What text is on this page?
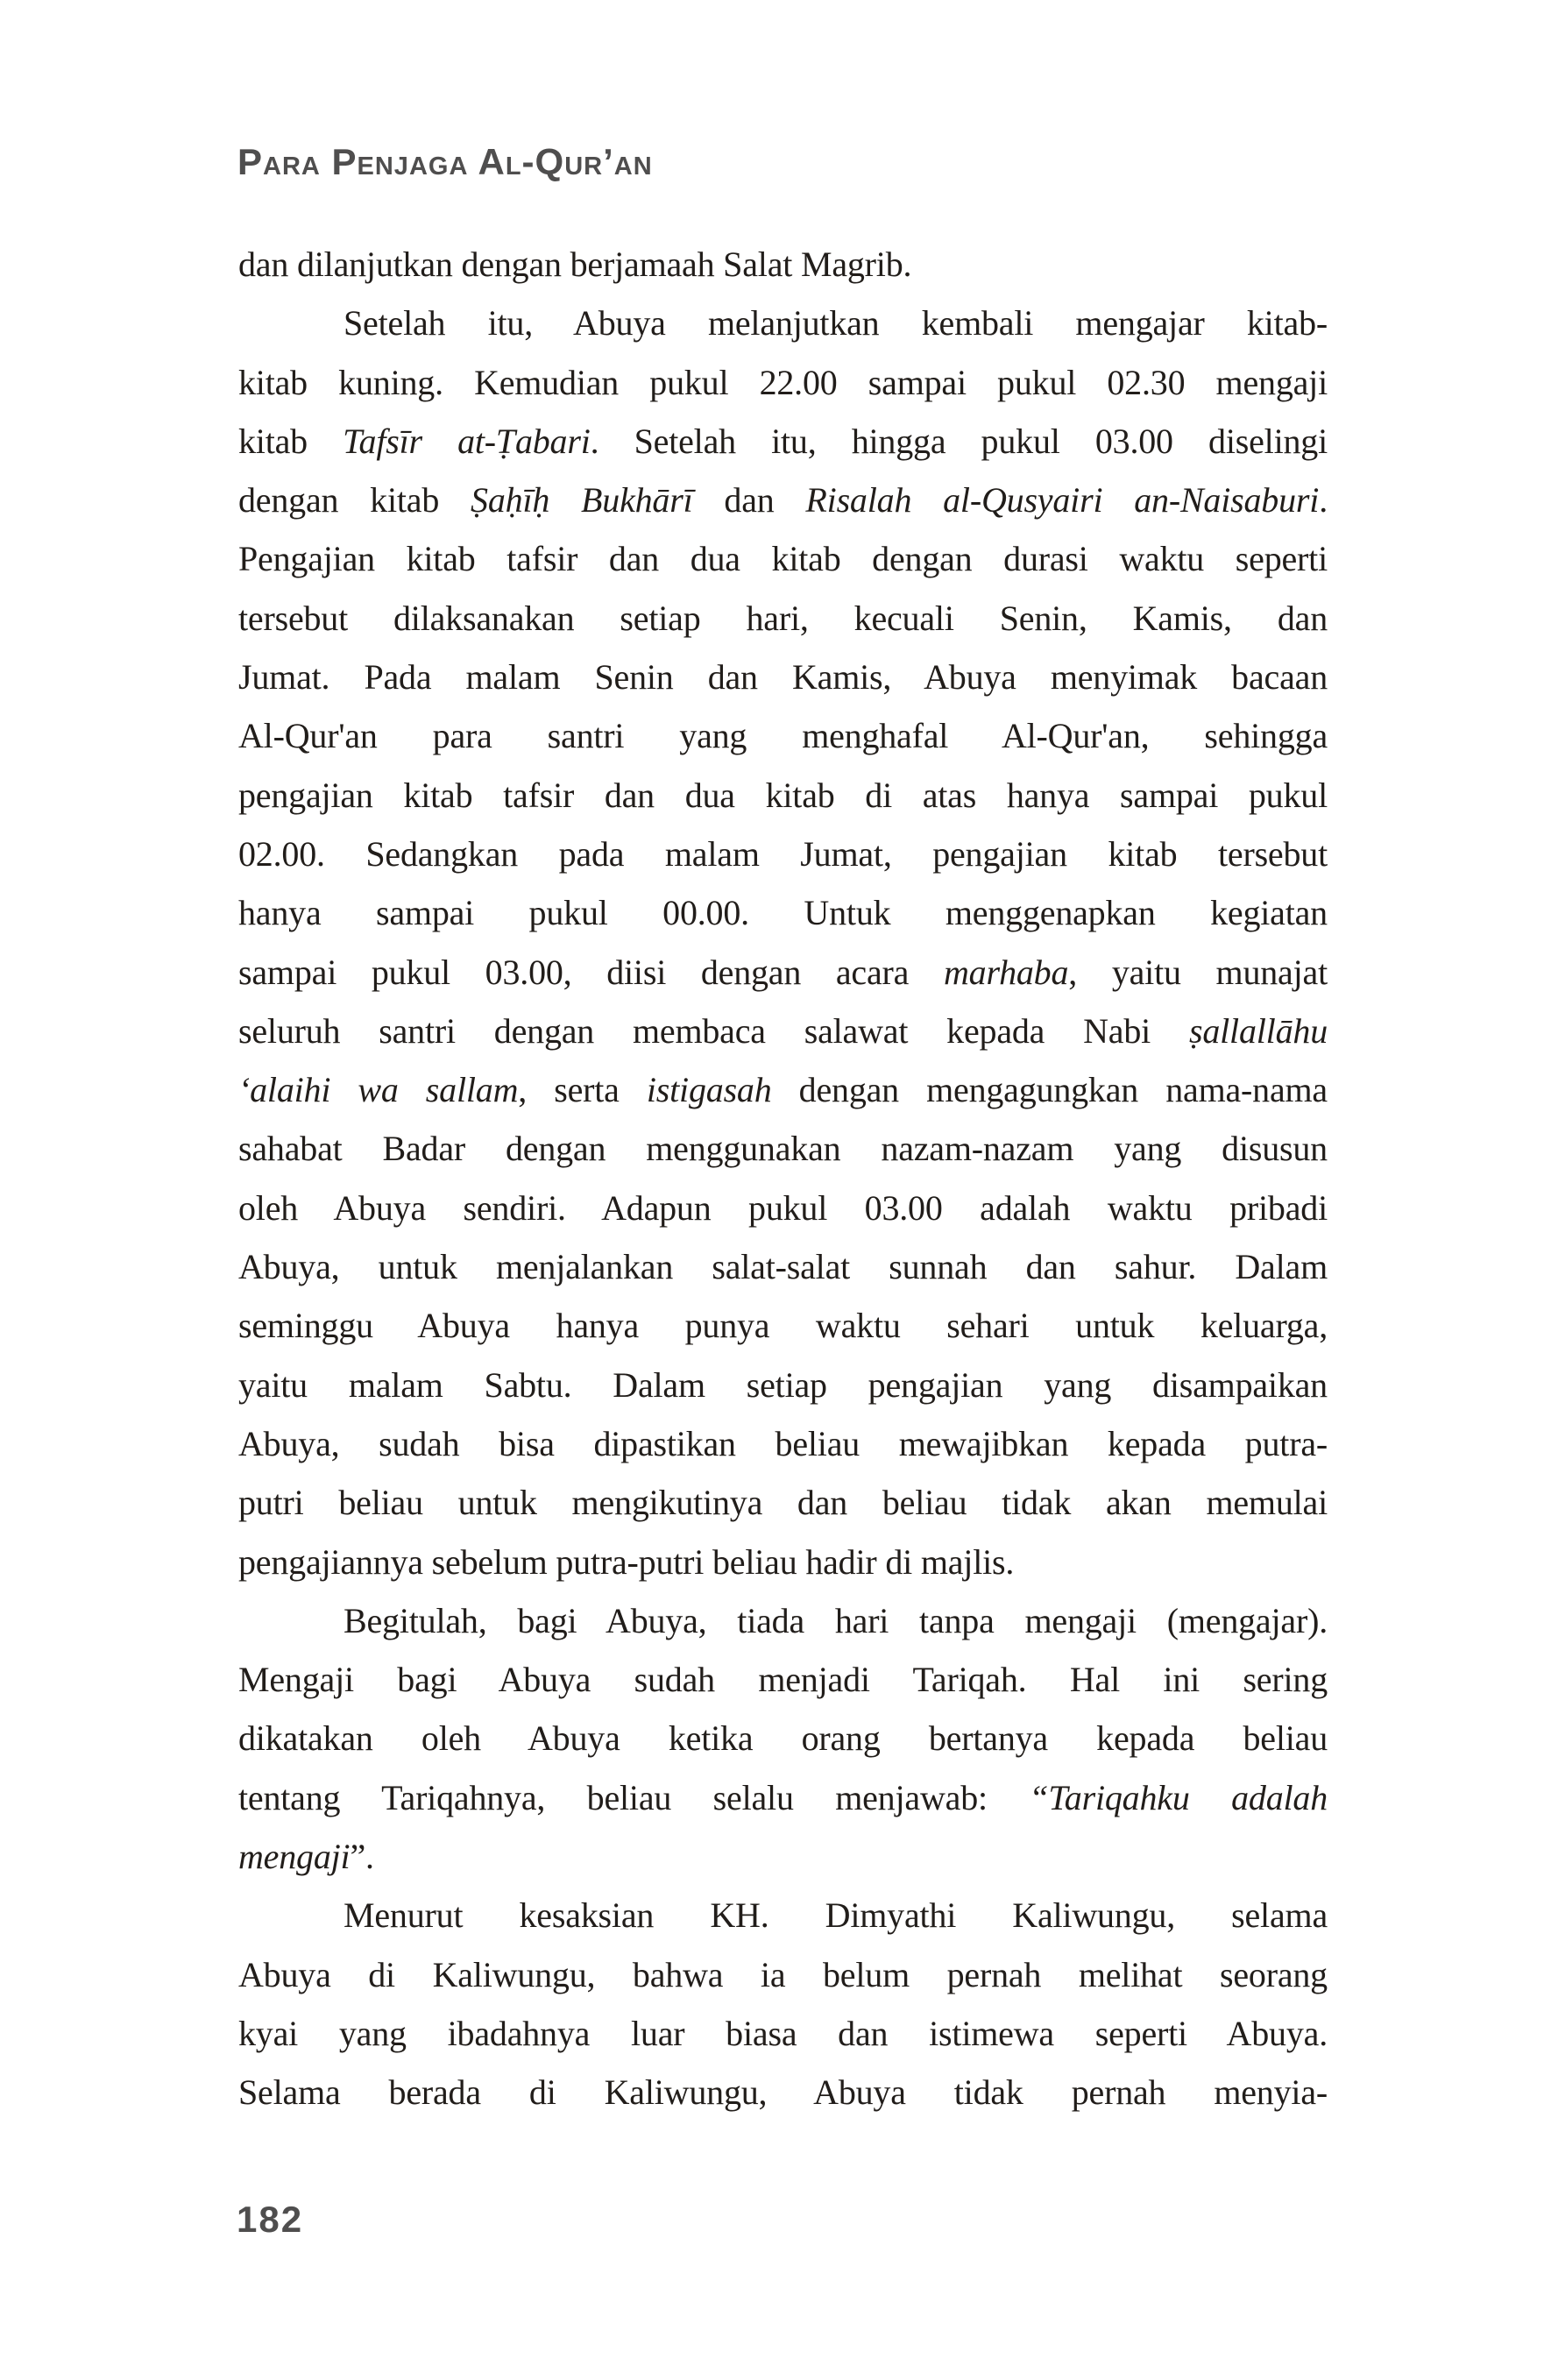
Para Penjaga Al-Qur’an
dan dilanjutkan dengan berjamaah Salat Magrib.
Setelah itu, Abuya melanjutkan kembali mengajar kitab-
kitab kuning. Kemudian pukul 22.00 sampai pukul 02.30 mengaji
kitab Tafsīr at-Ṭabari. Setelah itu, hingga pukul 03.00 diselingi
dengan kitab Ṣaḥīḥ Bukhārī dan Risalah al-Qusyairi an-Naisaburi.
Pengajian kitab tafsir dan dua kitab dengan durasi waktu seperti
tersebut dilaksanakan setiap hari, kecuali Senin, Kamis, dan
Jumat. Pada malam Senin dan Kamis, Abuya menyimak bacaan
Al-Qur'an para santri yang menghafal Al-Qur'an, sehingga
pengajian kitab tafsir dan dua kitab di atas hanya sampai pukul
02.00. Sedangkan pada malam Jumat, pengajian kitab tersebut
hanya sampai pukul 00.00. Untuk menggenapkan kegiatan
sampai pukul 03.00, diisi dengan acara marhaba, yaitu munajat
seluruh santri dengan membaca salawat kepada Nabi ṣallallāhu
‘alaihi wa sallam, serta istigasah dengan mengagungkan nama-nama
sahabat Badar dengan menggunakan nazam-nazam yang disusun
oleh Abuya sendiri. Adapun pukul 03.00 adalah waktu pribadi
Abuya, untuk menjalankan salat-salat sunnah dan sahur. Dalam
seminggu Abuya hanya punya waktu sehari untuk keluarga,
yaitu malam Sabtu. Dalam setiap pengajian yang disampaikan
Abuya, sudah bisa dipastikan beliau mewajibkan kepada putra-
putri beliau untuk mengikutinya dan beliau tidak akan memulai
pengajiannya sebelum putra-putri beliau hadir di majlis.
Begitulah, bagi Abuya, tiada hari tanpa mengaji (mengajar).
Mengaji bagi Abuya sudah menjadi Tariqah. Hal ini sering
dikatakan oleh Abuya ketika orang bertanya kepada beliau
tentang Tariqahnya, beliau selalu menjawab: “Tariqahku adalah
mengaji”.
Menurut kesaksian KH. Dimyathi Kaliwungu, selama
Abuya di Kaliwungu, bahwa ia belum pernah melihat seorang
kyai yang ibadahnya luar biasa dan istimewa seperti Abuya.
Selama berada di Kaliwungu, Abuya tidak pernah menyia-
182
